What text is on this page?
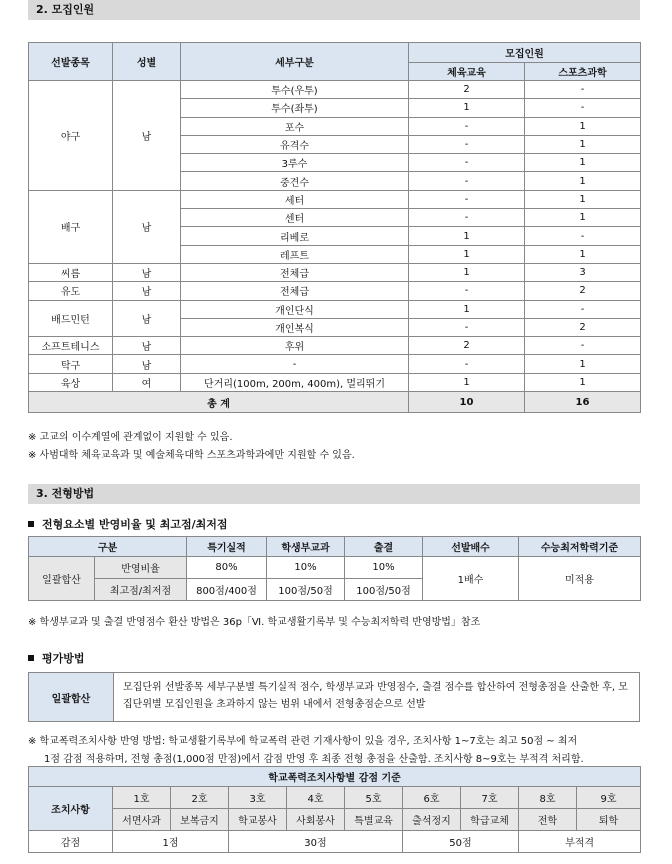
2. 모집인원
선발종목	성별	세부구분	모집인원	
			체육교육	스포츠과학
야구	남	투수(우투)	2	-
		투수(좌투)	1	-
		포수	-	1
		유격수	-	1
		3루수	-	1
		중견수	-	1
배구	남	세터	-	1
		센터	-	1
		리베로	1	-
		레프트	1	1
씨름	남	전체급	1	3
유도	남	전체급	-	2
배드민턴	남	개인단식	1	-
		개인복식	-	2
소프트테니스	남	후위	2	-
탁구	남	-	-	1
육상	여	단거리(100m, 200m, 400m), 멀리뛰기	1	1
총 계			10	16
※ 고교의 이수계열에 관계없이 지원할 수 있음.
※ 사범대학 체육교육과 및 예술체육대학 스포츠과학과에만 지원할 수 있음.
3. 전형방법
전형요소별 반영비율 및 최고점/최저점
구분		특기실적	학생부교과	출결	선발배수	수능최저학력기준
일괄합산	반영비율	80%	10%	10%	1배수	미적용
	최고점/최저점	800점/400점	100점/50점	100점/50점		
※ 학생부교과 및 출결 반영점수 환산 방법은 36p「Ⅵ. 학교생활기록부 및 수능최저학력 반영방법」참조
평가방법
일괄합산
모집단위 선발종목 세부구분별 특기실적 점수, 학생부교과 반영점수, 출결 점수를 합산하여 전형총점을 산출한 후, 모집단위별 모집인원을 초과하지 않는 범위 내에서 전형총점순으로 선발
※ 학교폭력조치사항 반영 방법: 학교생활기록부에 학교폭력 관련 기재사항이 있을 경우, 조치사항 1~7호는 최고 50점 ~ 최저
1점 감점 적용하며, 전형 총점(1,000점 만점)에서 감점 반영 후 최종 전형 총점을 산출함. 조치사항 8~9호는 부적격 처리함.
학교폭력조치사항별 감점 기준									
조치사항	1호	2호	3호	4호	5호	6호	7호	8호	9호
	서면사과	보복금지	학교봉사	사회봉사	특별교육	출석정지	학급교체	전학	퇴학
감점	1점		30점			50점		부적격	
